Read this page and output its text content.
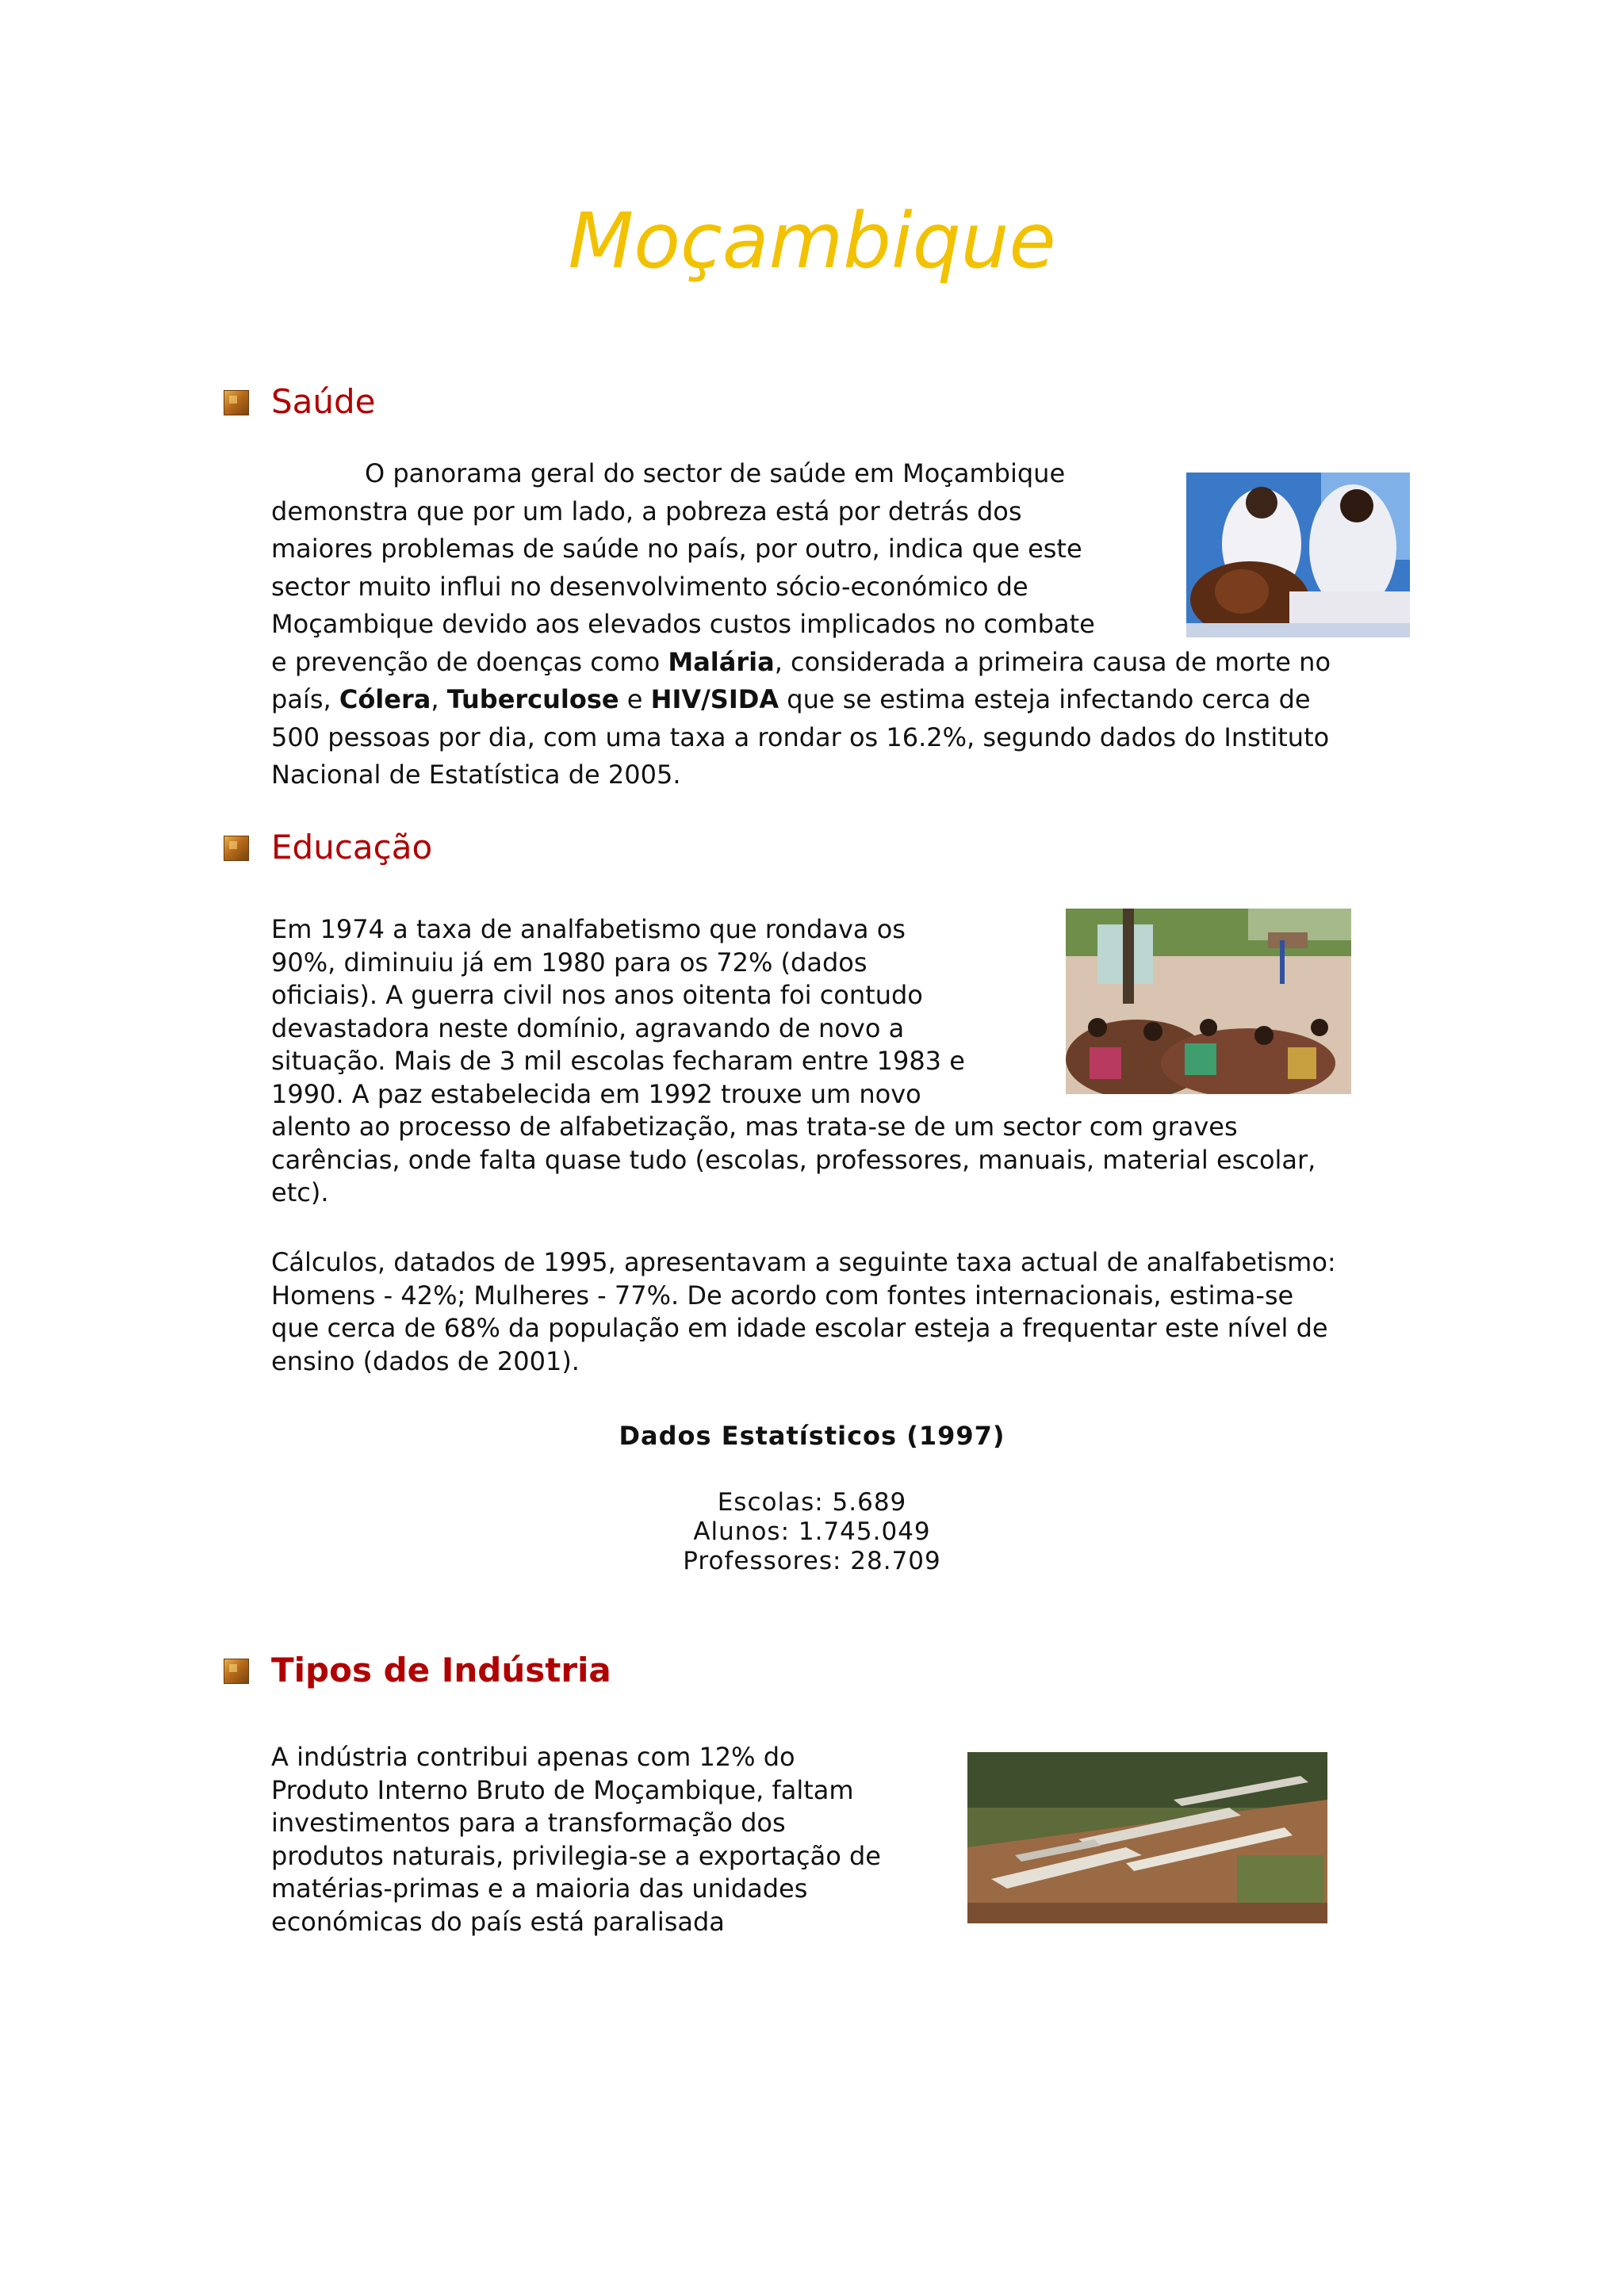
Moçambique
Saúde
O panorama geral do sector de saúde em Moçambique
demonstra que por um lado, a pobreza está por detrás dos
maiores problemas de saúde no país, por outro, indica que este
sector muito influi no desenvolvimento sócio-económico de
Moçambique devido aos elevados custos implicados no combate
e prevenção de doenças como Malária, considerada a primeira causa de morte no
país, Cólera, Tuberculose e HIV/SIDA que se estima esteja infectando cerca de
500 pessoas por dia, com uma taxa a rondar os 16.2%, segundo dados do Instituto
Nacional de Estatística de 2005.
Educação
Em 1974 a taxa de analfabetismo que rondava os
90%, diminuiu já em 1980 para os 72% (dados
oficiais). A guerra civil nos anos oitenta foi contudo
devastadora neste domínio, agravando de novo a
situação. Mais de 3 mil escolas fecharam entre 1983 e
1990. A paz estabelecida em 1992 trouxe um novo
alento ao processo de alfabetização, mas trata-se de um sector com graves
carências, onde falta quase tudo (escolas, professores, manuais, material escolar,
etc).
Cálculos, datados de 1995, apresentavam a seguinte taxa actual de analfabetismo:
Homens - 42%; Mulheres - 77%. De acordo com fontes internacionais, estima-se
que cerca de 68% da população em idade escolar esteja a frequentar este nível de
ensino (dados de 2001).
Dados Estatísticos (1997)
Escolas: 5.689
Alunos: 1.745.049
Professores: 28.709
Tipos de Indústria
A indústria contribui apenas com 12% do
Produto Interno Bruto de Moçambique, faltam
investimentos para a transformação dos
produtos naturais, privilegia-se a exportação de
matérias-primas e a maioria das unidades
económicas do país está paralisada
